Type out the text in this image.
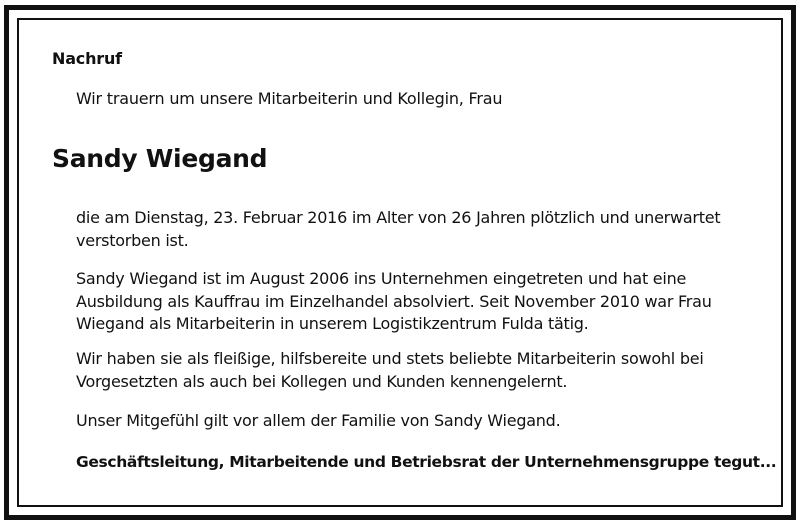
Nachruf
Wir trauern um unsere Mitarbeiterin und Kollegin, Frau
Sandy Wiegand

die am Dienstag, 23. Februar 2016 im Alter von 26 Jahren plötzlich und unerwartet verstorben ist.

Sandy Wiegand ist im August 2006 ins Unternehmen eingetreten und hat eine Ausbildung als Kauffrau im Einzelhandel absolviert. Seit November 2010 war Frau Wiegand als Mitarbeiterin in unserem Logistikzentrum Fulda tätig.

Wir haben sie als fleißige, hilfsbereite und stets beliebte Mitarbeiterin sowohl bei Vorgesetzten als auch bei Kollegen und Kunden kennengelernt.

Unser Mitgefühl gilt vor allem der Familie von Sandy Wiegand.

Geschäftsleitung, Mitarbeitende und Betriebsrat der Unternehmensgruppe tegut...
